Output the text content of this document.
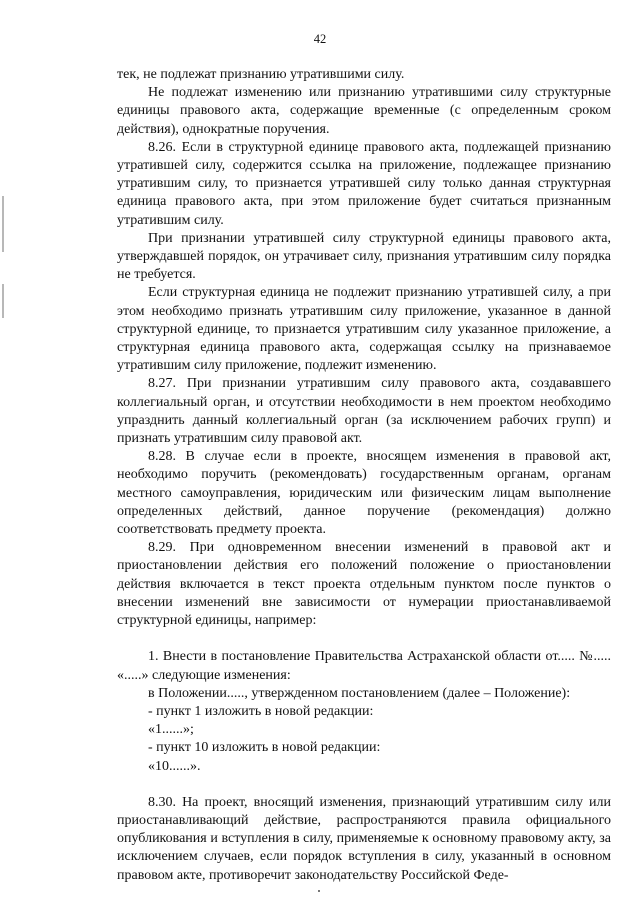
42

тек, не подлежат признанию утратившими силу.

Не подлежат изменению или признанию утратившими силу структурные единицы правового акта, содержащие временные (с определенным сроком действия), однократные поручения.

8.26. Если в структурной единице правового акта, подлежащей признанию утратившей силу, содержится ссылка на приложение, подлежащее признанию утратившим силу, то признается утратившей силу только данная структурная единица правового акта, при этом приложение будет считаться признанным утратившим силу.

При признании утратившей силу структурной единицы правового акта, утверждавшей порядок, он утрачивает силу, признания утратившим силу порядка не требуется.

Если структурная единица не подлежит признанию утратившей силу, а при этом необходимо признать утратившим силу приложение, указанное в данной структурной единице, то признается утратившим силу указанное приложение, а структурная единица правового акта, содержащая ссылку на признаваемое утратившим силу приложение, подлежит изменению.

8.27. При признании утратившим силу правового акта, создававшего коллегиальный орган, и отсутствии необходимости в нем проектом необходимо упразднить данный коллегиальный орган (за исключением рабочих групп) и признать утратившим силу правовой акт.

8.28. В случае если в проекте, вносящем изменения в правовой акт, необходимо поручить (рекомендовать) государственным органам, органам местного самоуправления, юридическим или физическим лицам выполнение определенных действий, данное поручение (рекомендация) должно соответствовать предмету проекта.

8.29. При одновременном внесении изменений в правовой акт и приостановлении действия его положений положение о приостановлении действия включается в текст проекта отдельным пунктом после пунктов о внесении изменений вне зависимости от нумерации приостанавливаемой структурной единицы, например:

1. Внести в постановление Правительства Астраханской области от..... №..... «.....» следующие изменения:

в Положении....., утвержденном постановлением (далее – Положение):

- пункт 1 изложить в новой редакции:

«1......»;

- пункт 10 изложить в новой редакции:

«10......».

8.30. На проект, вносящий изменения, признающий утратившим силу или приостанавливающий действие, распространяются правила официального опубликования и вступления в силу, применяемые к основному правовому акту, за исключением случаев, если порядок вступления в силу, указанный в основном правовом акте, противоречит законодательству Российской Феде-
